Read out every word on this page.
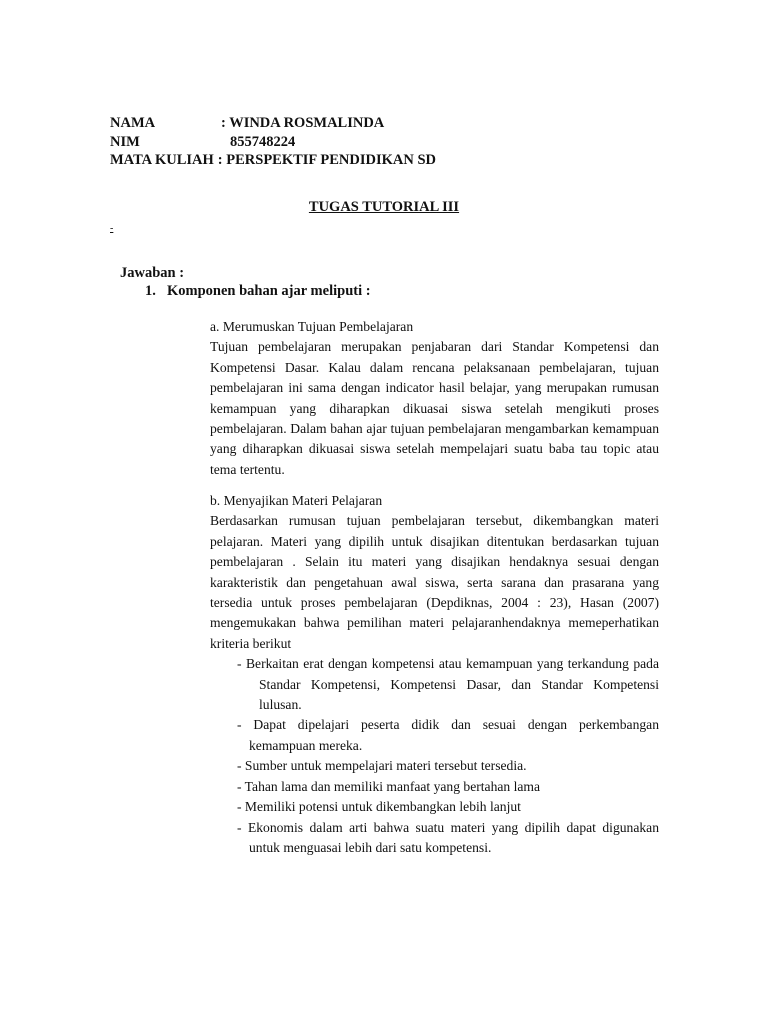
NAMA	: WINDA ROSMALINDA
NIM	855748224
MATA KULIAH : PERSPEKTIF PENDIDIKAN SD
TUGAS TUTORIAL III
-
Jawaban :
1. Komponen bahan ajar meliputi :
a. Merumuskan Tujuan Pembelajaran
Tujuan pembelajaran merupakan penjabaran dari Standar Kompetensi dan Kompetensi Dasar. Kalau dalam rencana pelaksanaan pembelajaran, tujuan pembelajaran ini sama dengan indicator hasil belajar, yang merupakan rumusan kemampuan yang diharapkan dikuasai siswa setelah mengikuti proses pembelajaran. Dalam bahan ajar tujuan pembelajaran mengambarkan kemampuan yang diharapkan dikuasai siswa setelah mempelajari suatu baba tau topic atau tema tertentu.
b. Menyajikan Materi Pelajaran
Berdasarkan rumusan tujuan pembelajaran tersebut, dikembangkan materi pelajaran. Materi yang dipilih untuk disajikan ditentukan berdasarkan tujuan pembelajaran . Selain itu materi yang disajikan hendaknya sesuai dengan karakteristik dan pengetahuan awal siswa, serta sarana dan prasarana yang tersedia untuk proses pembelajaran (Depdiknas, 2004 : 23), Hasan (2007) mengemukakan bahwa pemilihan materi pelajaranhendaknya memeperhatikan kriteria berikut
- Berkaitan erat dengan kompetensi atau kemampuan yang terkandung pada Standar Kompetensi, Kompetensi Dasar, dan Standar Kompetensi lulusan.
- Dapat dipelajari peserta didik dan sesuai dengan perkembangan kemampuan mereka.
- Sumber untuk mempelajari materi tersebut tersedia.
- Tahan lama dan memiliki manfaat yang bertahan lama
- Memiliki potensi untuk dikembangkan lebih lanjut
- Ekonomis dalam arti bahwa suatu materi yang dipilih dapat digunakan untuk menguasai lebih dari satu kompetensi.
